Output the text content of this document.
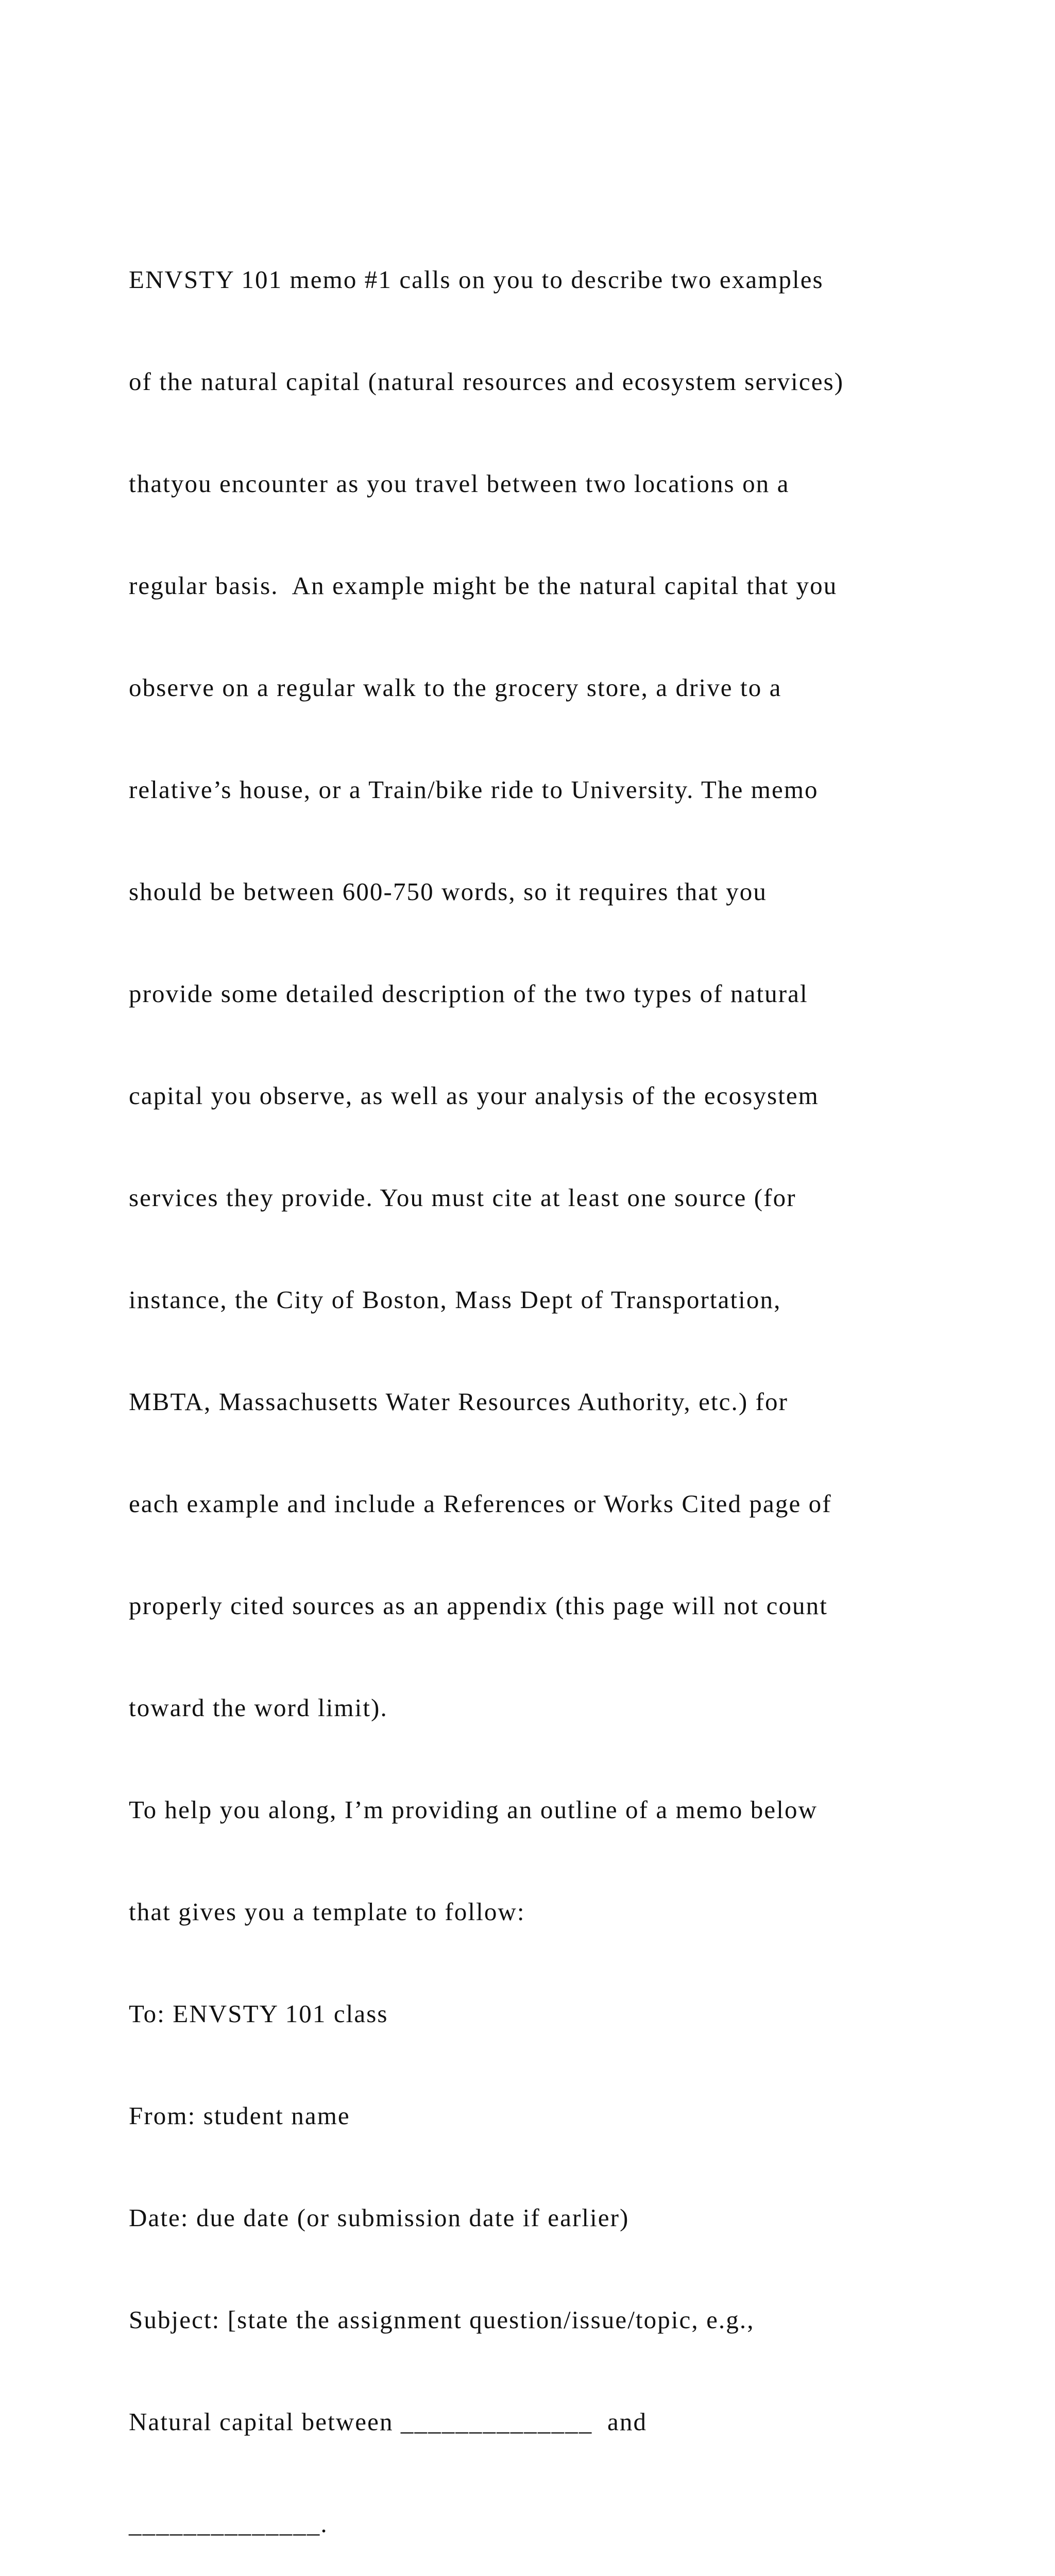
ENVSTY 101 memo #1 calls on you to describe two examples

of the natural capital (natural resources and ecosystem services)

thatyou encounter as you travel between two locations on a

regular basis.  An example might be the natural capital that you

observe on a regular walk to the grocery store, a drive to a

relative’s house, or a Train/bike ride to University. The memo

should be between 600-750 words, so it requires that you

provide some detailed description of the two types of natural

capital you observe, as well as your analysis of the ecosystem

services they provide. You must cite at least one source (for

instance, the City of Boston, Mass Dept of Transportation,

MBTA, Massachusetts Water Resources Authority, etc.) for

each example and include a References or Works Cited page of

properly cited sources as an appendix (this page will not count

toward the word limit).

To help you along, I’m providing an outline of a memo below

that gives you a template to follow:

To: ENVSTY 101 class

From: student name

Date: due date (or submission date if earlier)

Subject: [state the assignment question/issue/topic, e.g.,

Natural capital between ______________  and

______________.
